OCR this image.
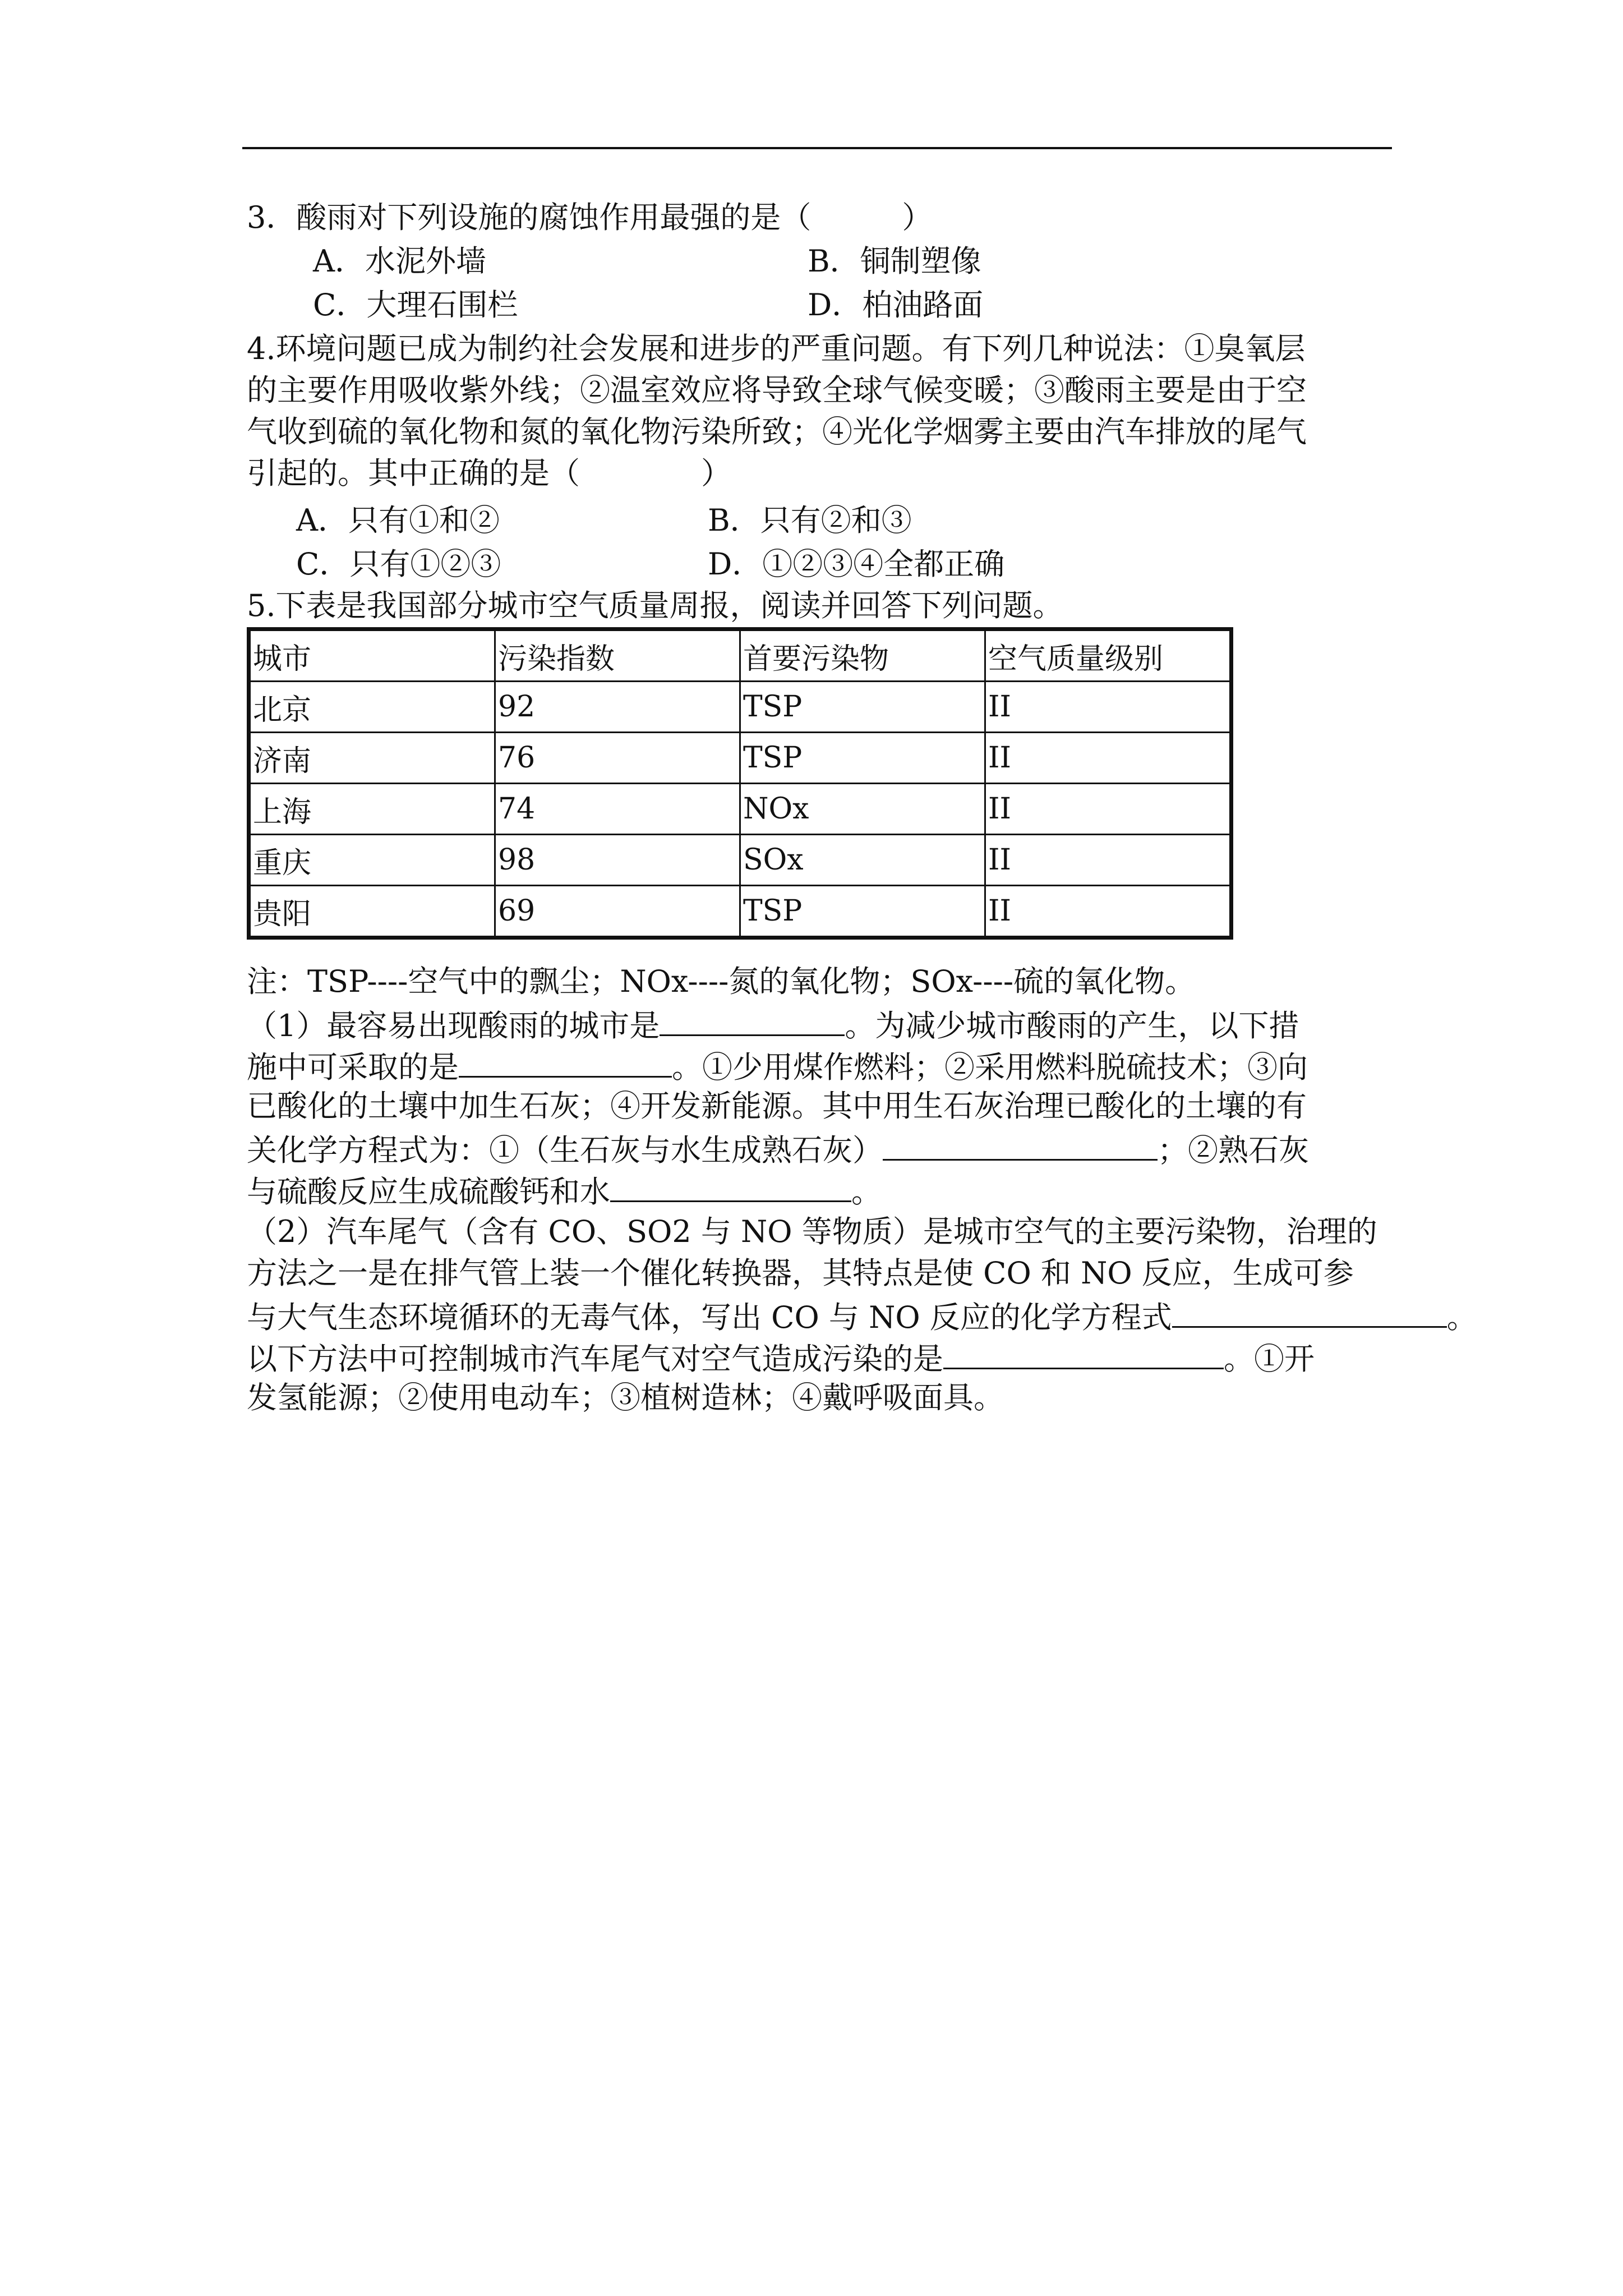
3．酸雨对下列设施的腐蚀作用最强的是（　　　）
A．水泥外墙	B．铜制塑像
C．大理石围栏	D．柏油路面
4.环境问题已成为制约社会发展和进步的严重问题。有下列几种说法：①臭氧层
的主要作用吸收紫外线；②温室效应将导致全球气候变暖；③酸雨主要是由于空
气收到硫的氧化物和氮的氧化物污染所致；④光化学烟雾主要由汽车排放的尾气
引起的。其中正确的是（　　　　）
A．只有①和②	B．只有②和③
C．只有①②③	D．①②③④全都正确
5.下表是我国部分城市空气质量周报，阅读并回答下列问题。
城市	污染指数	首要污染物	空气质量级别
北京	92	TSP	II
济南	76	TSP	II
上海	74	NOx	II
重庆	98	SOx	II
贵阳	69	TSP	II
注：TSP----空气中的飘尘；NOx----氮的氧化物；SOx----硫的氧化物。
（1）最容易出现酸雨的城市是	。为减少城市酸雨的产生，以下措
施中可采取的是	。①少用煤作燃料；②采用燃料脱硫技术；③向
已酸化的土壤中加生石灰；④开发新能源。其中用生石灰治理已酸化的土壤的有
关化学方程式为：①（生石灰与水生成熟石灰）	；②熟石灰
与硫酸反应生成硫酸钙和水	。
（2）汽车尾气（含有 CO、SO2 与 NO 等物质）是城市空气的主要污染物，治理的
方法之一是在排气管上装一个催化转换器，其特点是使 CO 和 NO 反应，生成可参
与大气生态环境循环的无毒气体，写出 CO 与 NO 反应的化学方程式	。
以下方法中可控制城市汽车尾气对空气造成污染的是	。①开
发氢能源；②使用电动车；③植树造林；④戴呼吸面具。
